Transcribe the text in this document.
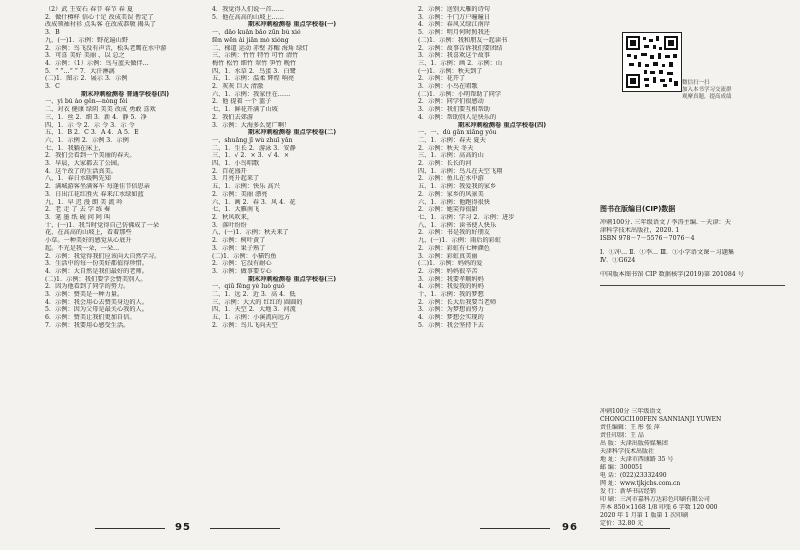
（2）武 王安石 春节 春节 春 夏
2．做什樽样 信心十足 改成美误 暂定了
改成领袖衬衫 点头客 在改成恭敬 揭头了
3．B
九、(一)1．示例：野花遍山野
2．示例：鸟飞没有声音，松头老鹰在水中游
3．可喜 美好 美丽 ，以 总之
4．示例：（1）示例：鸟与蓝天做伴…
5．“ ”…“ ” 7．大汗淋漓
(二)1．图示 2．展示 3．示例
3．C
期末冲刺检测卷 普通学校卷(四)
一、yì bǔ ào gěn—nòng fèi
二、对衣 健康 绿阴 美美 改成 勇敢 喜欢
三、1．丝 2．细 3．新 4．静 5．净
四、1．示 令 2．示 令 3．示 令
五、1．B 2．C 3．A 4．A 5．E
六、1．示例 2．示例 3．示例
七、1．我躺在床上，
2．我们会看到一个美丽的春天。
3．早晨，大家都去了公园。
4．这个改了的生活真美。
八、1．春日水暖鸭先知
2．满城游客坐满客车 每逢佳节倍思亲
3．日出江花红胜火 春来江水绿如蓝
九、1．早 迟 漫 朗 美 流 吟
2．老 走 了 去 学 练 奏
3．笔 墨 纸 砚 问 阿 叫
十、(一)1．我当时觉得自己仿佛成了一朵
花，在高高的山坡上，看着那些
小草。一种美好的感觉从心底升
起。不光是我一朵，一朵…
2．示例：我觉得我们应该向大自然学习。
3．生活中的每一份美好都值得珍惜。
4．示例：大自然是我们最好的老师。
(二)1．示例：我们要学会赞美别人。
2．因为他看到了同学的努力。
3．示例：赞美是一种力量。
4．示例：我会用心去赞美身边的人。
5．示例：因为父母是最关心我的人。
6．示例：赞美让我们更加自信。
7．示例：我要用心感受生活。
4．我觉得人们说一首……
5．他在高高的山坡上……
期末冲刺检测卷 重点学校卷(一)
一、dǎo kuǎn bǎo zūn bù xié
fēn wēn ài jiān mò xióng
二、梯道 运动 赤壁 苏醒 海角 绿灯
三、示例：竹竹 特竹 可竹 清竹
梅竹 松竹 细竹 翠竹 笋竹 晚竹
四、1．水草 2．鸟蛋 3．白鹭
五、1．示例：温柔 辉煌 响亮
2．灰灰 巨大 清澈
六、1．示例：我家住在……
2．他 提着 一个 篮子
七、1．鲜花开满了山坡
2．我们去郊游
3．示例：大海多么宽广啊！
期末冲刺检测卷 重点学校卷(二)
一、shuāng jī wù zhuī yǎn
二、1．生长 2．游泳 3．安静
三、1．√ 2．× 3．√ 4．×
四、1．小鸟唱歌
2．百花盛开
3．月亮升起来了
五、1．示例：快乐 高兴
2．示例：美丽 漂亮
六、1．画 2．春 3．风 4．花
七、1．大雁南飞
2．秋风吹来，
3．落叶纷纷
八、(一)1．示例：秋天来了
2．示例：树叶黄了
3．示例：果子熟了
(二)1．示例：小猫钓鱼
2．示例：它没有耐心
3．示例：做事要专心
期末冲刺检测卷 重点学校卷(三)
一、qiū fēng yè luò guǒ
二、1．远 2．近 3．高 4．低
三、示例：大大的 红红的 圆圆的
四、1．天空 2．大地 3．河流
五、1．示例：小溪流向远方
2．示例：鸟儿飞向天空
2．示例：送别大雁的诗句
3．示例：千门万户曈曈日
4．示例：春风又绿江南岸
5．示例：明月何时照我还
(二)1．示例：我和朋友一起读书
2．示例：故事告诉我们要团结
3．示例：我喜欢这个故事
三、1．示例：画 2．示例：山
(一)1．示例：秋天到了
2．示例：花开了
3．示例：小鸟在唱歌
(二)1．示例：小明帮助了同学
2．示例：同学们很感动
3．示例：我们要互相帮助
4．示例：帮助别人是快乐的
期末冲刺检测卷 重点学校卷(四)
一、一、dù gān xiāng yǒu
二、1．示例：春天 夏天
2．示例：秋天 冬天
三、1．示例：高高的山
2．示例：长长的河
四、1．示例：鸟儿在天空飞翔
2．示例：鱼儿在水中游
五、1．示例：我爱我的家乡
2．示例：家乡的风景美
六、1．示例：他跑得很快
2．示例：她笑得很甜
七、1．示例：学习 2．示例：进步
八、1．示例：读书使人快乐
2．示例：书是我的好朋友
九、(一)1．示例：雨后的彩虹
2．示例：彩虹有七种颜色
3．示例：彩虹真美丽
(二)1．示例：妈妈的爱
2．示例：妈妈很辛苦
3．示例：我要孝顺妈妈
4．示例：我爱我的妈妈
十、1．示例：我的梦想
2．示例：长大后我要当老师
3．示例：为梦想而努力
4．示例：梦想会实现的
5．示例：我会坚持下去
微信扫一扫
加入本书学习交流群
观摩真题，提高成绩
图书在版编目(CIP)数据
冲刺100分. 三年级语文 / 李涛主编. －天津：天
津科学技术出版社，2020. 1
ISBN 978－7－5576－7076－4
Ⅰ．①冲… Ⅱ．①李… Ⅲ．①小学语文课－习题集
Ⅳ．①G624
中国版本图书馆 CIP 数据核字(2019)第 201084 号
冲刺100分 三年级语文
CHONGCI100FEN SANNIANJI YUWEN
责任编辑：王 彤 张 萍
责任印制：王 品
出 版：天津出版传媒集团
天津科学技术出版社
地 址：天津市西康路 35 号
邮 编：300051
电 话：(022)23332490
网 址：www.tjkjcbs.com.cn
发 行：新华书店经销
印 刷：三河市嘉科万达彩色印刷有限公司
开本 850×1168 1/8 印张 6 字数 120 000
2020 年 1 月第 1 版第 1 次印刷
定价：32.80 元
95	96
